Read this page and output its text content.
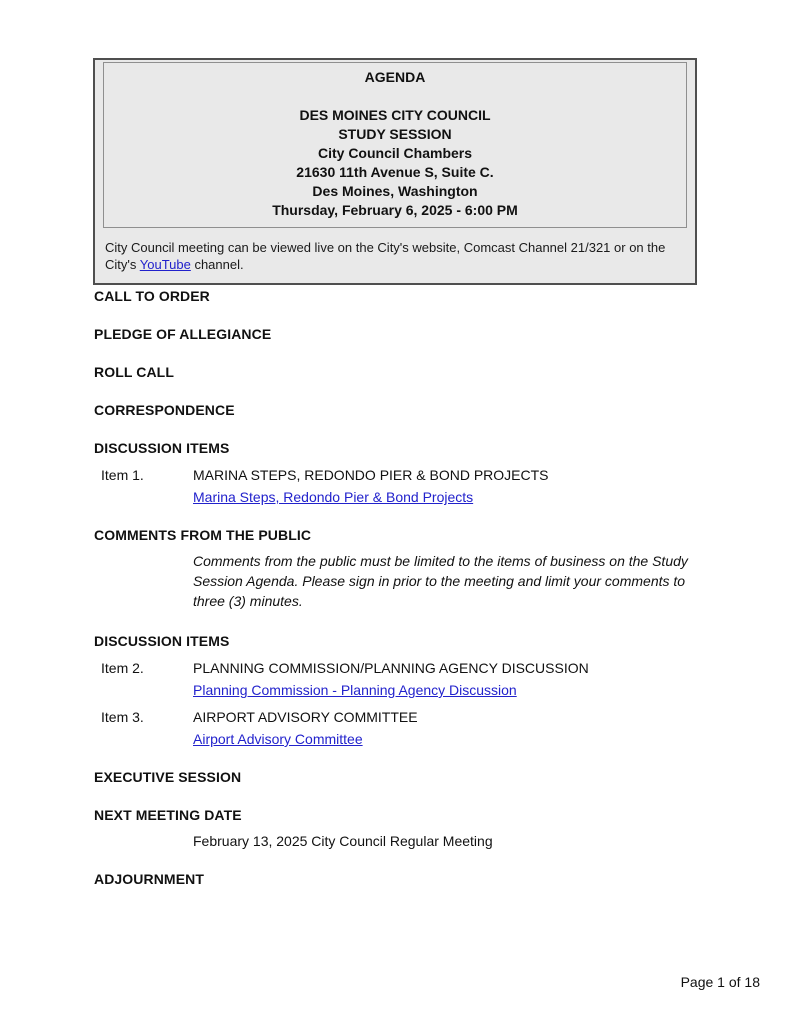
AGENDA
DES MOINES CITY COUNCIL
STUDY SESSION
City Council Chambers
21630 11th Avenue S, Suite C.
Des Moines, Washington
Thursday, February 6, 2025 - 6:00 PM

City Council meeting can be viewed live on the City's website, Comcast Channel 21/321 or on the City's YouTube channel.

CALL TO ORDER
PLEDGE OF ALLEGIANCE
ROLL CALL
CORRESPONDENCE
DISCUSSION ITEMS
Item 1.	MARINA STEPS, REDONDO PIER & BOND PROJECTS
Marina Steps, Redondo Pier & Bond Projects
COMMENTS FROM THE PUBLIC
Comments from the public must be limited to the items of business on the Study Session Agenda. Please sign in prior to the meeting and limit your comments to three (3) minutes.
DISCUSSION ITEMS
Item 2.	PLANNING COMMISSION/PLANNING AGENCY DISCUSSION
Planning Commission - Planning Agency Discussion
Item 3.	AIRPORT ADVISORY COMMITTEE
Airport Advisory Committee
EXECUTIVE SESSION
NEXT MEETING DATE
February 13, 2025 City Council Regular Meeting
ADJOURNMENT
Page 1 of 18
